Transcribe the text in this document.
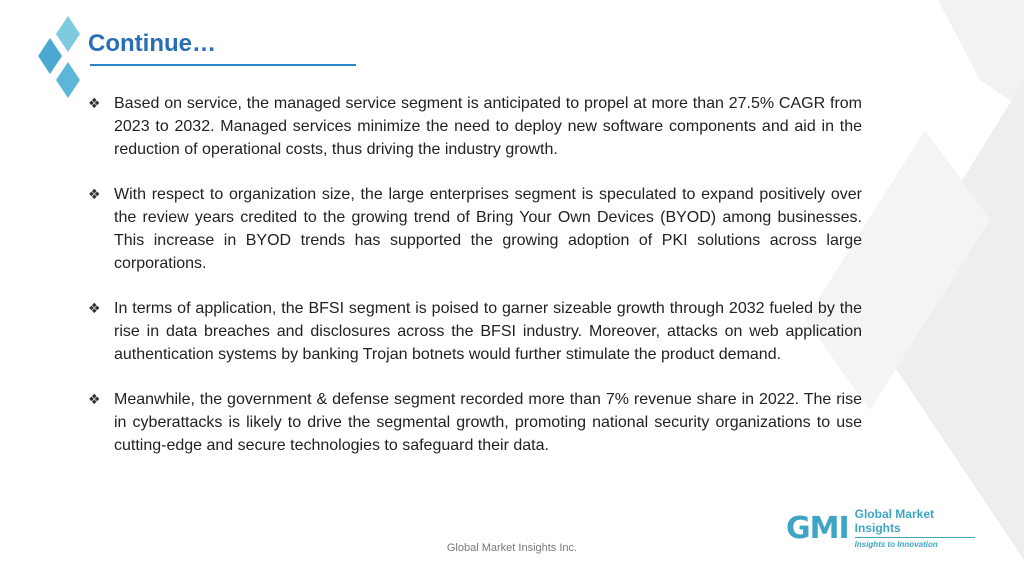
Continue…
❖ Based on service, the managed service segment is anticipated to propel at more than 27.5% CAGR from 2023 to 2032. Managed services minimize the need to deploy new software components and aid in the reduction of operational costs, thus driving the industry growth.

❖ With respect to organization size, the large enterprises segment is speculated to expand positively over the review years credited to the growing trend of Bring Your Own Devices (BYOD) among businesses. This increase in BYOD trends has supported the growing adoption of PKI solutions across large corporations.

❖ In terms of application, the BFSI segment is poised to garner sizeable growth through 2032 fueled by the rise in data breaches and disclosures across the BFSI industry. Moreover, attacks on web application authentication systems by banking Trojan botnets would further stimulate the product demand.

❖ Meanwhile, the government & defense segment recorded more than 7% revenue share in 2022. The rise in cyberattacks is likely to drive the segmental growth, promoting national security organizations to use cutting-edge and secure technologies to safeguard their data.

GMI Global Market Insights
Insights to Innovation

Global Market Insights Inc.
